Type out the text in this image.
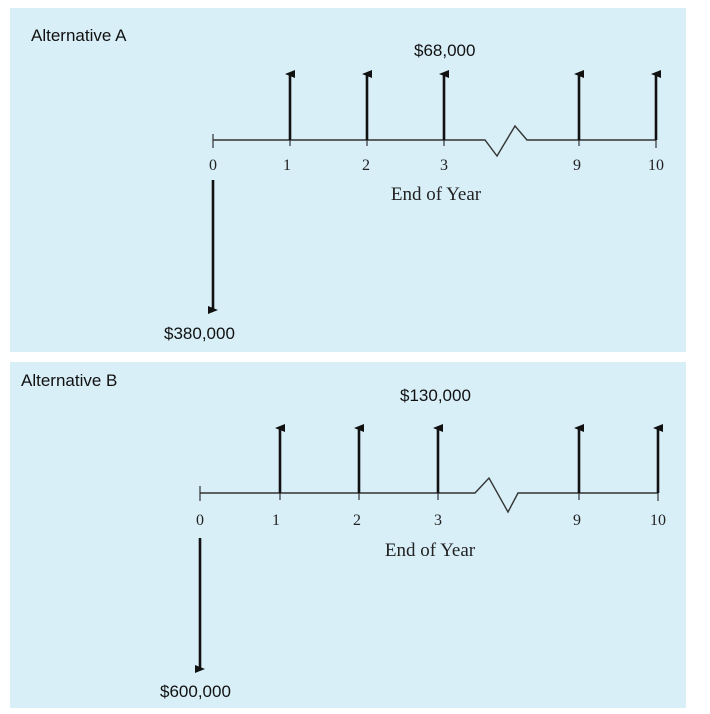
Alternative A
$68,000
$380,000
0	1	2	3	9	10
End of Year
Alternative B
$130,000
$600,000
0	1	2	3	9	10
End of Year
